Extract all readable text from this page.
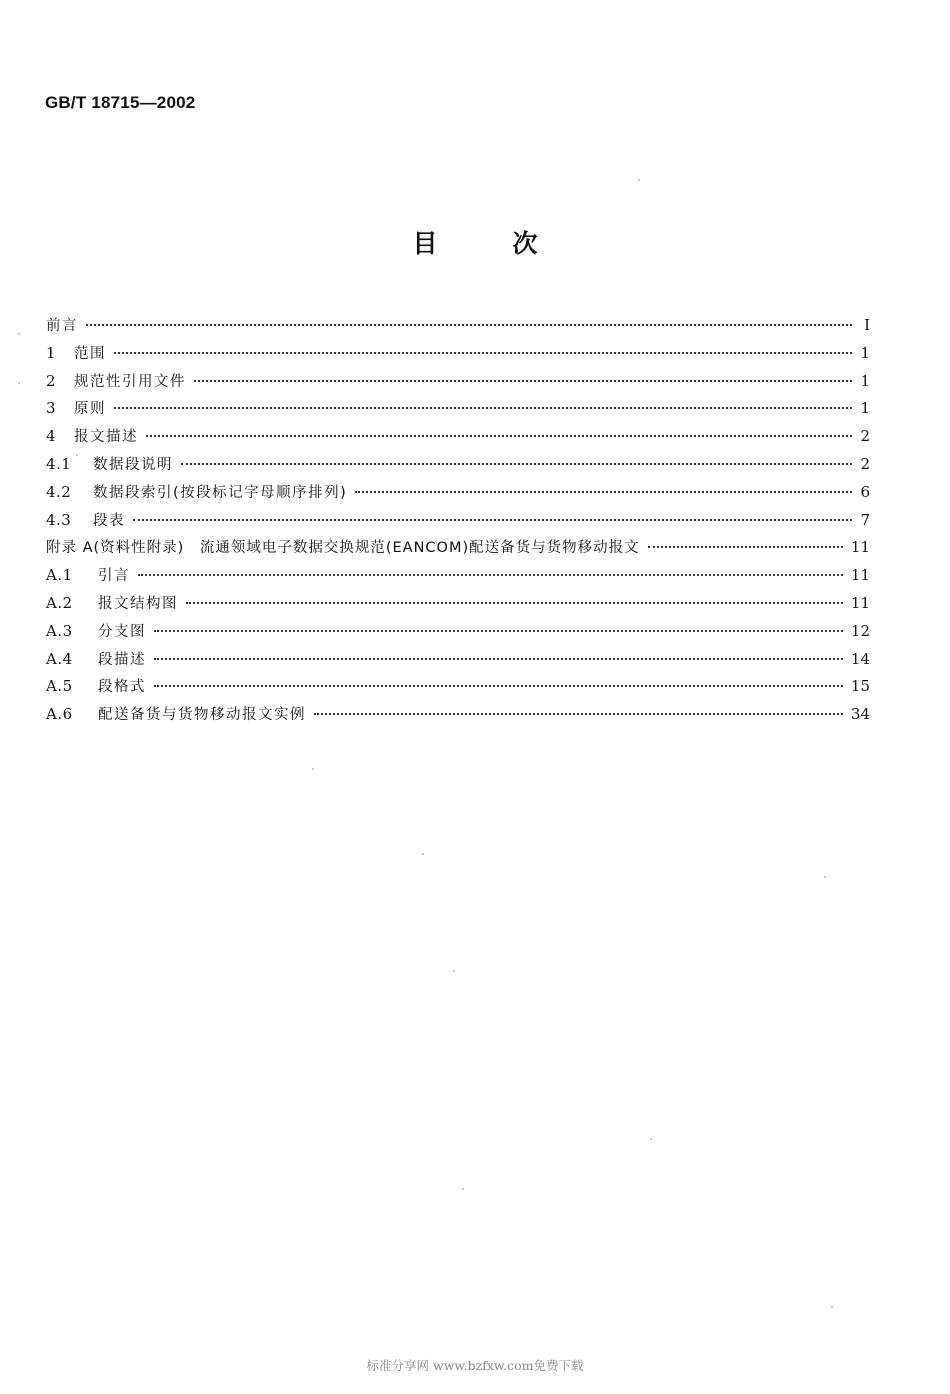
GB/T 18715—2002
目	次
前言	Ⅰ
1	范围	1
2	规范性引用文件	1
3	原则	1
4	报文描述	2
4.1	数据段说明	2
4.2	数据段索引(按段标记字母顺序排列)	6
4.3	段表	7
附录 A(资料性附录)　流通领域电子数据交换规范(EANCOM)配送备货与货物移动报文	11
A.1	引言	11
A.2	报文结构图	11
A.3	分支图	12
A.4	段描述	14
A.5	段格式	15
A.6	配送备货与货物移动报文实例	34
标准分享网 www.bzfxw.com免费下载
